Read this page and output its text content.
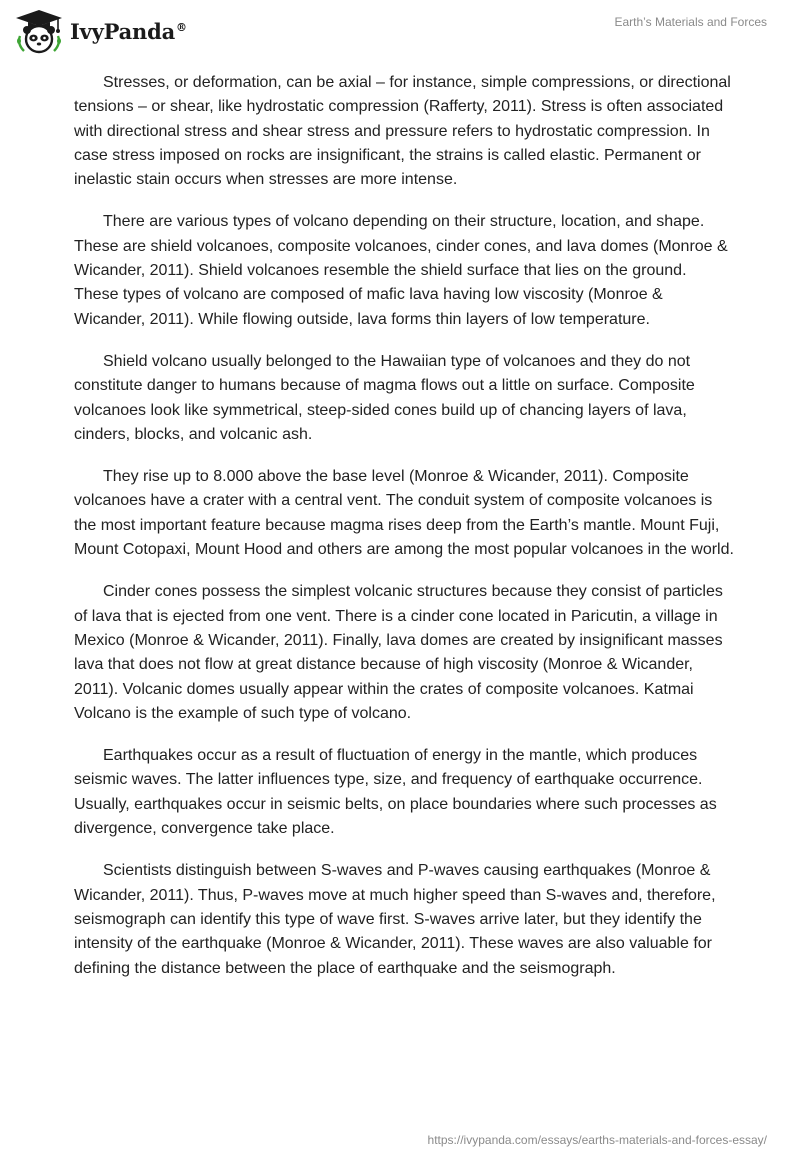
IvyPanda®	Earth’s Materials and Forces

Stresses, or deformation, can be axial – for instance, simple compressions, or directional tensions – or shear, like hydrostatic compression (Rafferty, 2011). Stress is often associated with directional stress and shear stress and pressure refers to hydrostatic compression. In case stress imposed on rocks are insignificant, the strains is called elastic. Permanent or inelastic stain occurs when stresses are more intense.

There are various types of volcano depending on their structure, location, and shape. These are shield volcanoes, composite volcanoes, cinder cones, and lava domes (Monroe & Wicander, 2011). Shield volcanoes resemble the shield surface that lies on the ground. These types of volcano are composed of mafic lava having low viscosity (Monroe & Wicander, 2011). While flowing outside, lava forms thin layers of low temperature.

Shield volcano usually belonged to the Hawaiian type of volcanoes and they do not constitute danger to humans because of magma flows out a little on surface. Composite volcanoes look like symmetrical, steep-sided cones build up of chancing layers of lava, cinders, blocks, and volcanic ash.

They rise up to 8.000 above the base level (Monroe & Wicander, 2011). Composite volcanoes have a crater with a central vent. The conduit system of composite volcanoes is the most important feature because magma rises deep from the Earth’s mantle. Mount Fuji, Mount Cotopaxi, Mount Hood and others are among the most popular volcanoes in the world.

Cinder cones possess the simplest volcanic structures because they consist of particles of lava that is ejected from one vent. There is a cinder cone located in Paricutin, a village in Mexico (Monroe & Wicander, 2011). Finally, lava domes are created by insignificant masses lava that does not flow at great distance because of high viscosity (Monroe & Wicander, 2011). Volcanic domes usually appear within the crates of composite volcanoes. Katmai Volcano is the example of such type of volcano.

Earthquakes occur as a result of fluctuation of energy in the mantle, which produces seismic waves. The latter influences type, size, and frequency of earthquake occurrence. Usually, earthquakes occur in seismic belts, on place boundaries where such processes as divergence, convergence take place.

Scientists distinguish between S-waves and P-waves causing earthquakes (Monroe & Wicander, 2011). Thus, P-waves move at much higher speed than S-waves and, therefore, seismograph can identify this type of wave first. S-waves arrive later, but they identify the intensity of the earthquake (Monroe & Wicander, 2011). These waves are also valuable for defining the distance between the place of earthquake and the seismograph.

https://ivypanda.com/essays/earths-materials-and-forces-essay/
